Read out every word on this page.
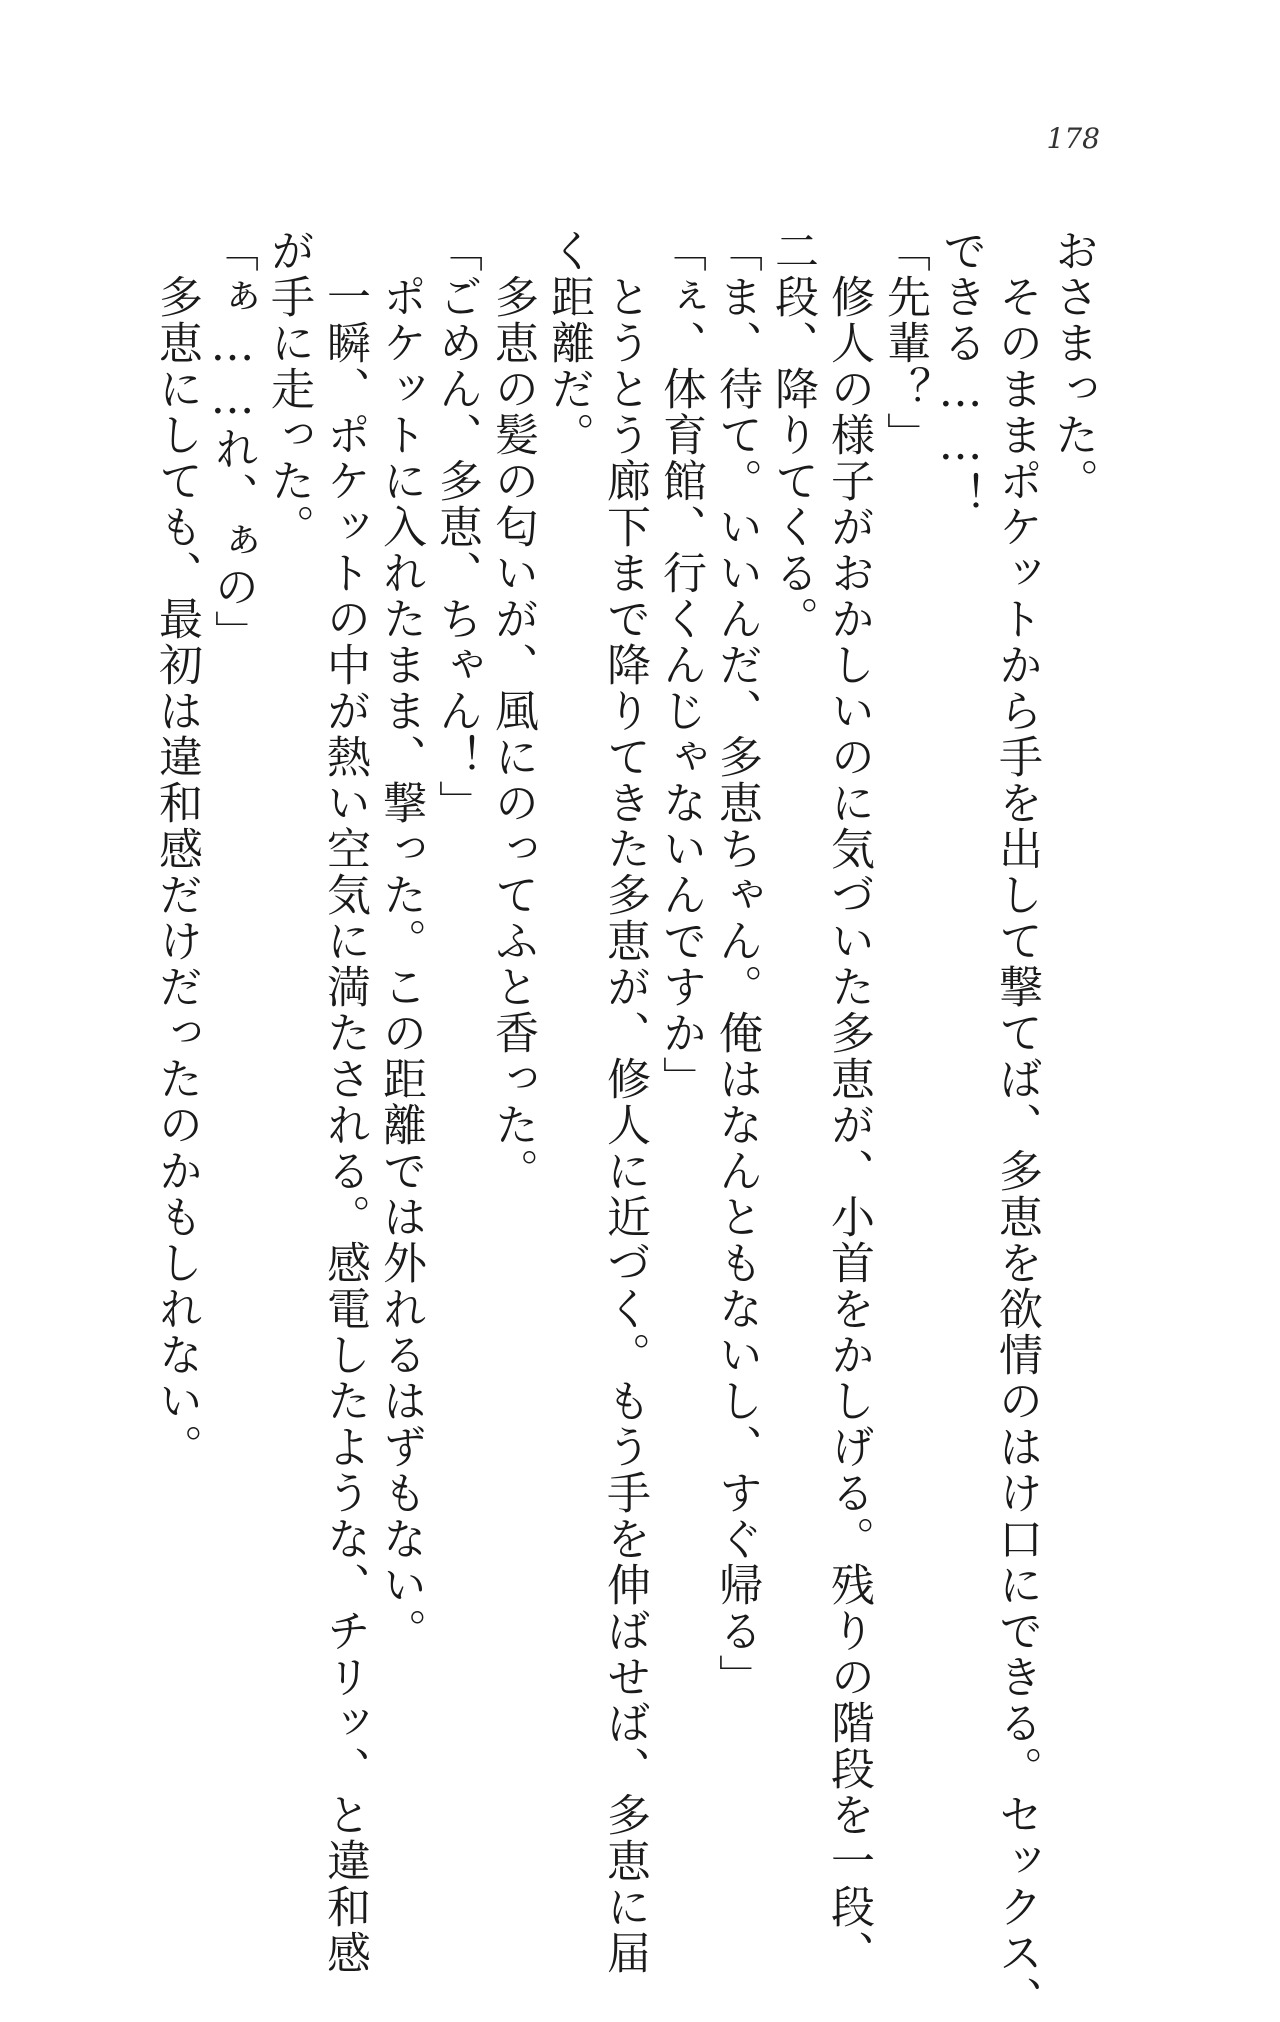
178
おさまった。
　そのままポケットから手を出して撃てば、多恵を欲情のはけ口にできる。セックス、
できる……！
「先輩？」
　修人の様子がおかしいのに気づいた多恵が、小首をかしげる。残りの階段を一段、
二段、降りてくる。
「ま、待て。いいんだ、多恵ちゃん。俺はなんともないし、すぐ帰る」
「ぇ、体育館、行くんじゃないんですか」
　とうとう廊下まで降りてきた多恵が、修人に近づく。もう手を伸ばせば、多恵に届
く距離だ。
　多恵の髪の匂いが、風にのってふと香った。
「ごめん、多恵、ちゃん！」
　ポケットに入れたまま、撃った。この距離では外れるはずもない。
　一瞬、ポケットの中が熱い空気に満たされる。感電したような、チリッ、と違和感
が手に走った。
「ぁ……れ、ぁの」
　多恵にしても、最初は違和感だけだったのかもしれない。
